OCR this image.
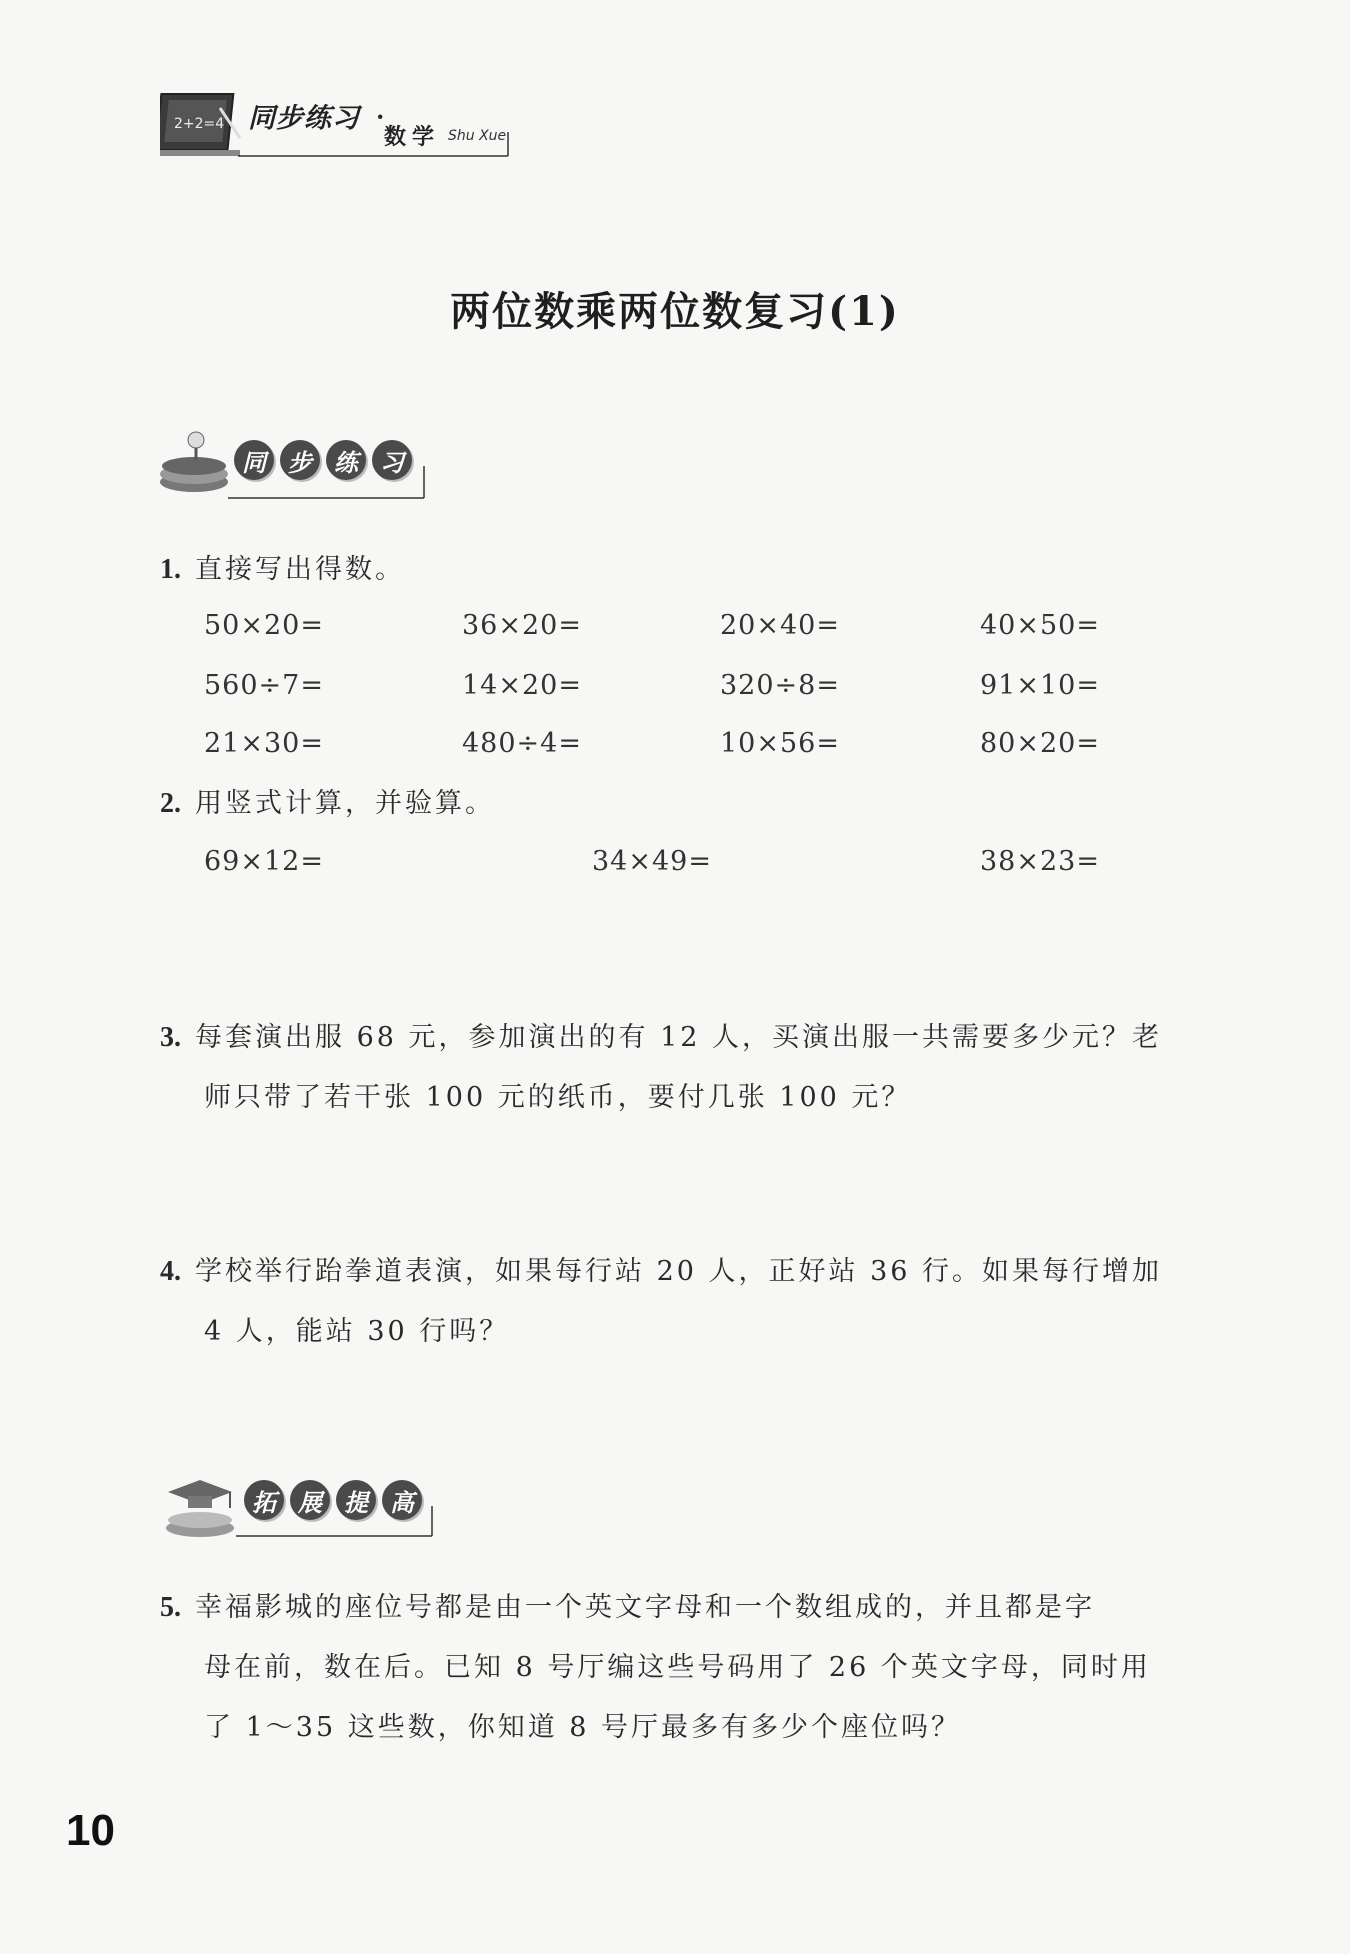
2+2=4 同步练习 ·
数学 Shu Xue
两位数乘两位数复习(1)
同 步 练 习
1. 直接写出得数。
50×20=	36×20=	20×40=	40×50=
560÷7=	14×20=	320÷8=	91×10=
21×30=	480÷4=	10×56=	80×20=
2. 用竖式计算，并验算。
69×12=	34×49=	38×23=
3. 每套演出服 68 元，参加演出的有 12 人，买演出服一共需要多少元？老
师只带了若干张 100 元的纸币，要付几张 100 元？
4. 学校举行跆拳道表演，如果每行站 20 人，正好站 36 行。如果每行增加
4 人，能站 30 行吗？
拓 展 提 高
5. 幸福影城的座位号都是由一个英文字母和一个数组成的，并且都是字
母在前，数在后。已知 8 号厅编这些号码用了 26 个英文字母，同时用
了 1～35 这些数，你知道 8 号厅最多有多少个座位吗？
10
